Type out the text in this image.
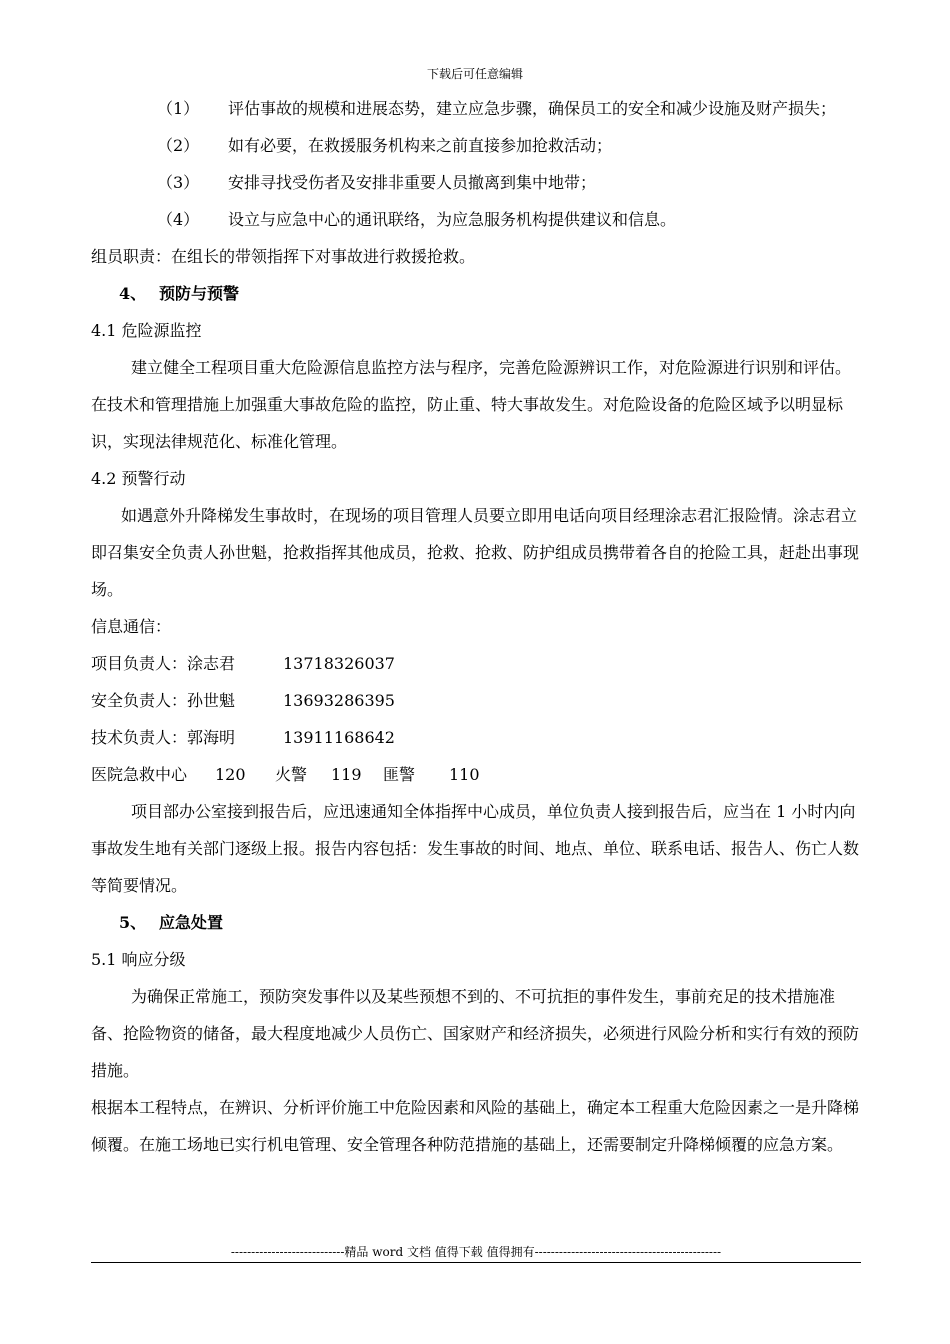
下载后可任意编辑

（1） 评估事故的规模和进展态势，建立应急步骤，确保员工的安全和减少设施及财产损失；

（2） 如有必要，在救援服务机构来之前直接参加抢救活动；

（3） 安排寻找受伤者及安排非重要人员撤离到集中地带；

（4） 设立与应急中心的通讯联络，为应急服务机构提供建议和信息。

组员职责：在组长的带领指挥下对事故进行救援抢救。

4、 预防与预警

4.1 危险源监控

建立健全工程项目重大危险源信息监控方法与程序，完善危险源辨识工作，对危险源进行识别和评估。在技术和管理措施上加强重大事故危险的监控，防止重、特大事故发生。对危险设备的危险区域予以明显标识，实现法律规范化、标准化管理。

4.2 预警行动

如遇意外升降梯发生事故时，在现场的项目管理人员要立即用电话向项目经理涂志君汇报险情。涂志君立即召集安全负责人孙世魁，抢救指挥其他成员，抢救、抢救、防护组成员携带着各自的抢险工具，赶赴出事现场。

信息通信：

项目负责人：涂志君	13718326037

安全负责人：孙世魁	13693286395

技术负责人：郭海明	13911168642

医院急救中心 120 火警 119 匪警 110

项目部办公室接到报告后，应迅速通知全体指挥中心成员，单位负责人接到报告后，应当在 1 小时内向事故发生地有关部门逐级上报。报告内容包括：发生事故的时间、地点、单位、联系电话、报告人、伤亡人数等简要情况。

5、 应急处置

5.1 响应分级

为确保正常施工，预防突发事件以及某些预想不到的、不可抗拒的事件发生，事前充足的技术措施准备、抢险物资的储备，最大程度地减少人员伤亡、国家财产和经济损失，必须进行风险分析和实行有效的预防措施。

根据本工程特点，在辨识、分析评价施工中危险因素和风险的基础上，确定本工程重大危险因素之一是升降梯倾覆。在施工场地已实行机电管理、安全管理各种防范措施的基础上，还需要制定升降梯倾覆的应急方案。

----------------------------精品 word 文档 值得下载 值得拥有----------------------------------------------
